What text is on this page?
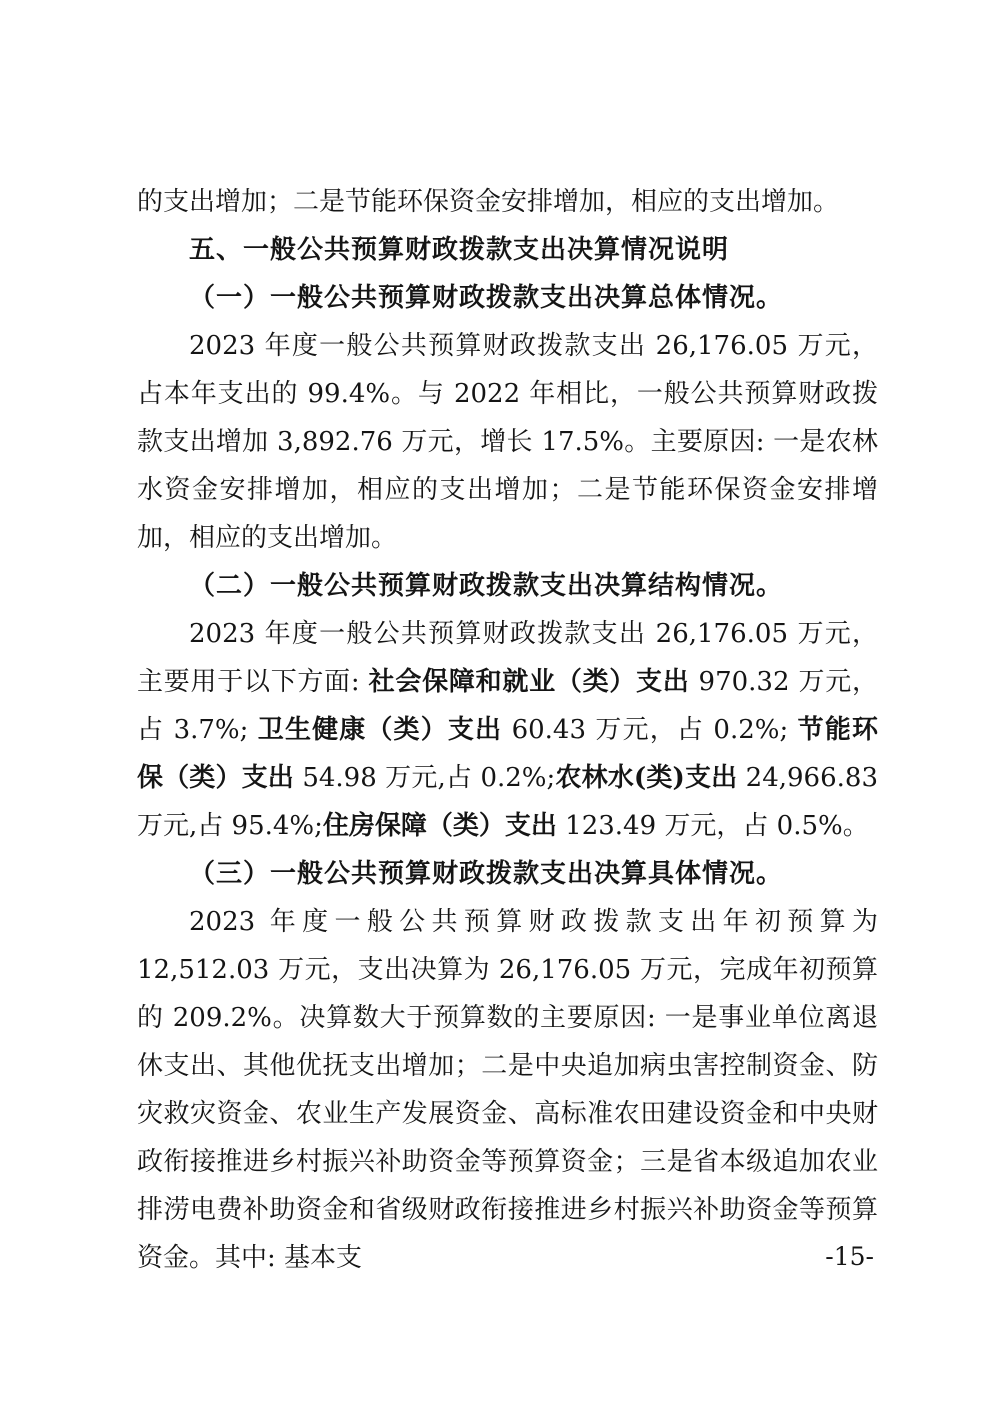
的支出增加；二是节能环保资金安排增加，相应的支出增加。

五、一般公共预算财政拨款支出决算情况说明

（一）一般公共预算财政拨款支出决算总体情况。

2023 年度一般公共预算财政拨款支出 26,176.05 万元，占本年支出的 99.4%。与 2022 年相比，一般公共预算财政拨款支出增加 3,892.76 万元，增长 17.5%。主要原因: 一是农林水资金安排增加，相应的支出增加；二是节能环保资金安排增加，相应的支出增加。

（二）一般公共预算财政拨款支出决算结构情况。

2023 年度一般公共预算财政拨款支出 26,176.05 万元，主要用于以下方面: 社会保障和就业（类）支出 970.32 万元，占 3.7%; 卫生健康（类）支出 60.43 万元，占 0.2%; 节能环保（类）支出 54.98 万元,占 0.2%;农林水(类)支出 24,966.83 万元,占 95.4%;住房保障（类）支出 123.49 万元，占 0.5%。

（三）一般公共预算财政拨款支出决算具体情况。

2023 年度一般公共预算财政拨款支出年初预算为 12,512.03 万元，支出决算为 26,176.05 万元，完成年初预算的 209.2%。决算数大于预算数的主要原因: 一是事业单位离退休支出、其他优抚支出增加；二是中央追加病虫害控制资金、防灾救灾资金、农业生产发展资金、高标准农田建设资金和中央财政衔接推进乡村振兴补助资金等预算资金；三是省本级追加农业排涝电费补助资金和省级财政衔接推进乡村振兴补助资金等预算资金。其中: 基本支	-15-
